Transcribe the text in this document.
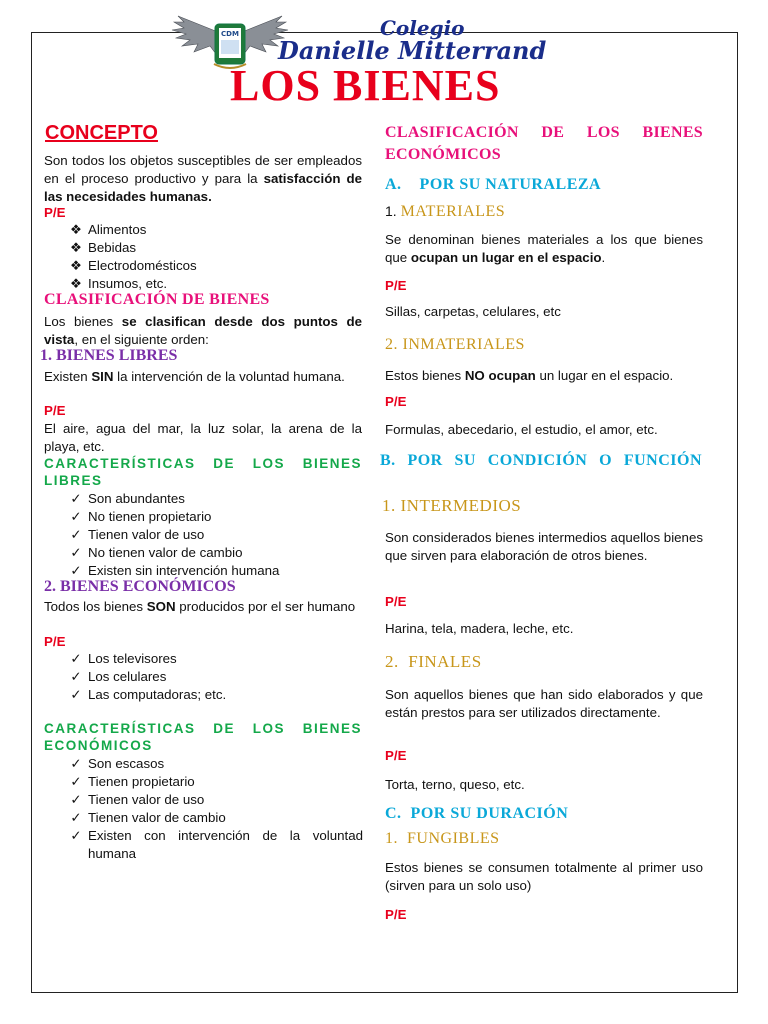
CDM	Colegio
Danielle Mitterrand
LOS BIENES
CONCEPTO

Son todos los objetos susceptibles de ser empleados en el proceso productivo y para la satisfacción de las necesidades humanas.

P/E
❖ Alimentos
❖ Bebidas
❖ Electrodomésticos
❖ Insumos, etc.
CLASIFICACIÓN DE BIENES

Los bienes se clasifican desde dos puntos de vista, en el siguiente orden:

1. BIENES LIBRES

Existen SIN la intervención de la voluntad humana.

P/E

El aire, agua del mar, la luz solar, la arena de la playa, etc.

CARACTERÍSTICAS DE LOS BIENES LIBRES

✓ Son abundantes
✓ No tienen propietario
✓ Tienen valor de uso
✓ No tienen valor de cambio
✓ Existen sin intervención humana
2. BIENES ECONÓMICOS

Todos los bienes SON producidos por el ser humano

P/E
✓ Los televisores
✓ Los celulares
✓ Las computadoras; etc.

CARACTERÍSTICAS DE LOS BIENES ECONÓMICOS

✓ Son escasos
✓ Tienen propietario
✓ Tienen valor de uso
✓ Tienen valor de cambio
✓ Existen con intervención de la voluntad humana

CLASIFICACIÓN DE LOS BIENES ECONÓMICOS

A.    POR SU NATURALEZA
1. MATERIALES

Se denominan bienes materiales a los que bienes que ocupan un lugar en el espacio.

P/E
Sillas, carpetas, celulares, etc
2. INMATERIALES
Estos bienes NO ocupan un lugar en el espacio.
P/E
Formulas, abecedario, el estudio, el amor, etc.

B. POR SU CONDICIÓN O FUNCIÓN

1. INTERMEDIOS

Son considerados bienes intermedios aquellos bienes que sirven para elaboración de otros bienes.

P/E
Harina, tela, madera, leche, etc.
2.  FINALES

Son aquellos bienes que han sido elaborados y que están prestos para ser utilizados directamente.

P/E
Torta, terno, queso, etc.
C.  POR SU DURACIÓN
1.  FUNGIBLES

Estos bienes se consumen totalmente al primer uso (sirven para un solo uso)

P/E
